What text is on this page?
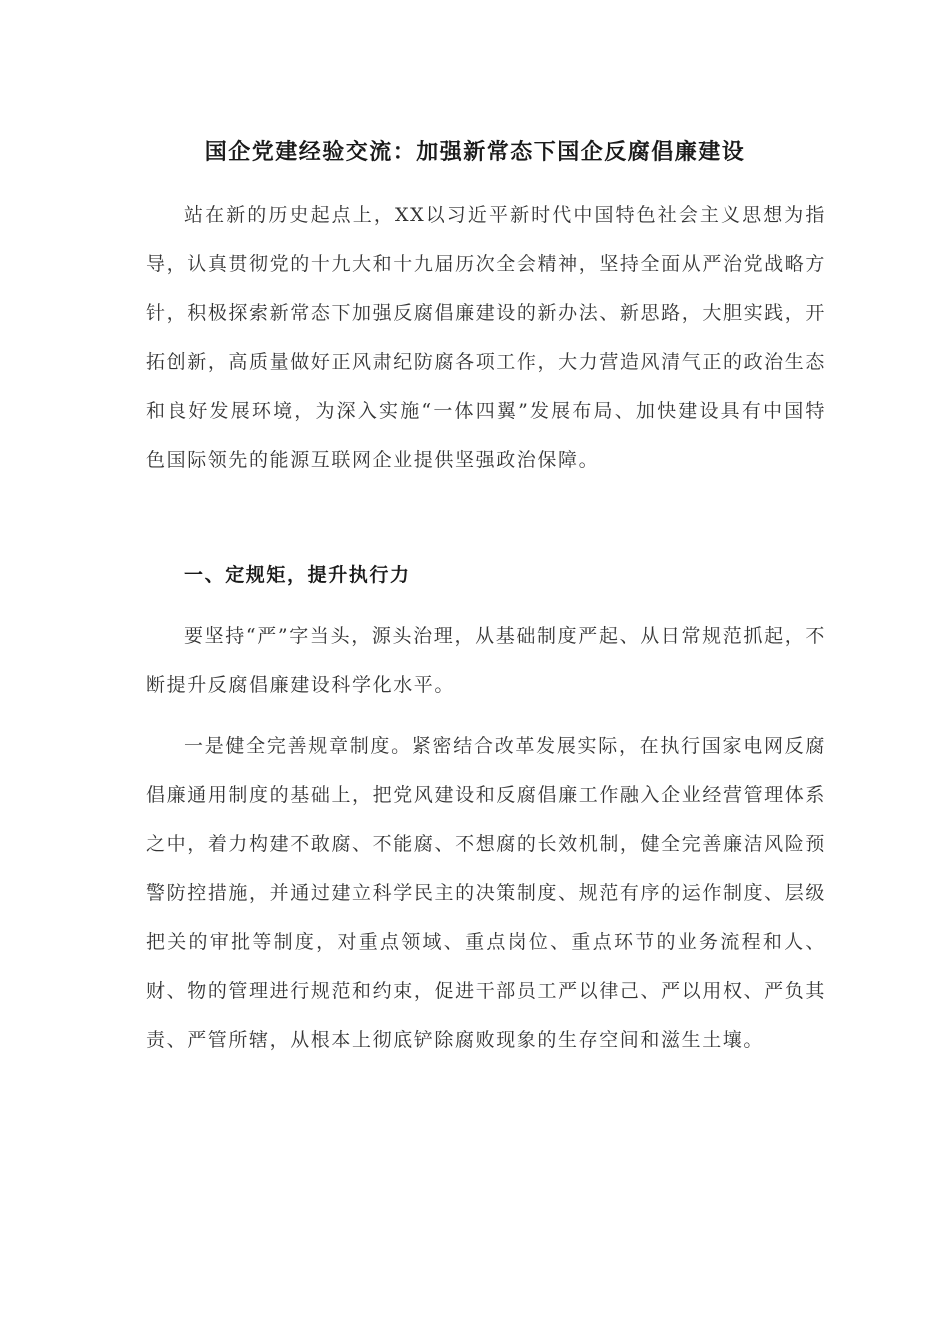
国企党建经验交流：加强新常态下国企反腐倡廉建设

站在新的历史起点上，XX以习近平新时代中国特色社会主义思想为指导，认真贯彻党的十九大和十九届历次全会精神，坚持全面从严治党战略方针，积极探索新常态下加强反腐倡廉建设的新办法、新思路，大胆实践，开拓创新，高质量做好正风肃纪防腐各项工作，大力营造风清气正的政治生态和良好发展环境，为深入实施“一体四翼”发展布局、加快建设具有中国特色国际领先的能源互联网企业提供坚强政治保障。

一、定规矩，提升执行力

要坚持“严”字当头，源头治理，从基础制度严起、从日常规范抓起，不断提升反腐倡廉建设科学化水平。

一是健全完善规章制度。紧密结合改革发展实际，在执行国家电网反腐倡廉通用制度的基础上，把党风建设和反腐倡廉工作融入企业经营管理体系之中，着力构建不敢腐、不能腐、不想腐的长效机制，健全完善廉洁风险预警防控措施，并通过建立科学民主的决策制度、规范有序的运作制度、层级把关的审批等制度，对重点领域、重点岗位、重点环节的业务流程和人、财、物的管理进行规范和约束，促进干部员工严以律己、严以用权、严负其责、严管所辖，从根本上彻底铲除腐败现象的生存空间和滋生土壤。
